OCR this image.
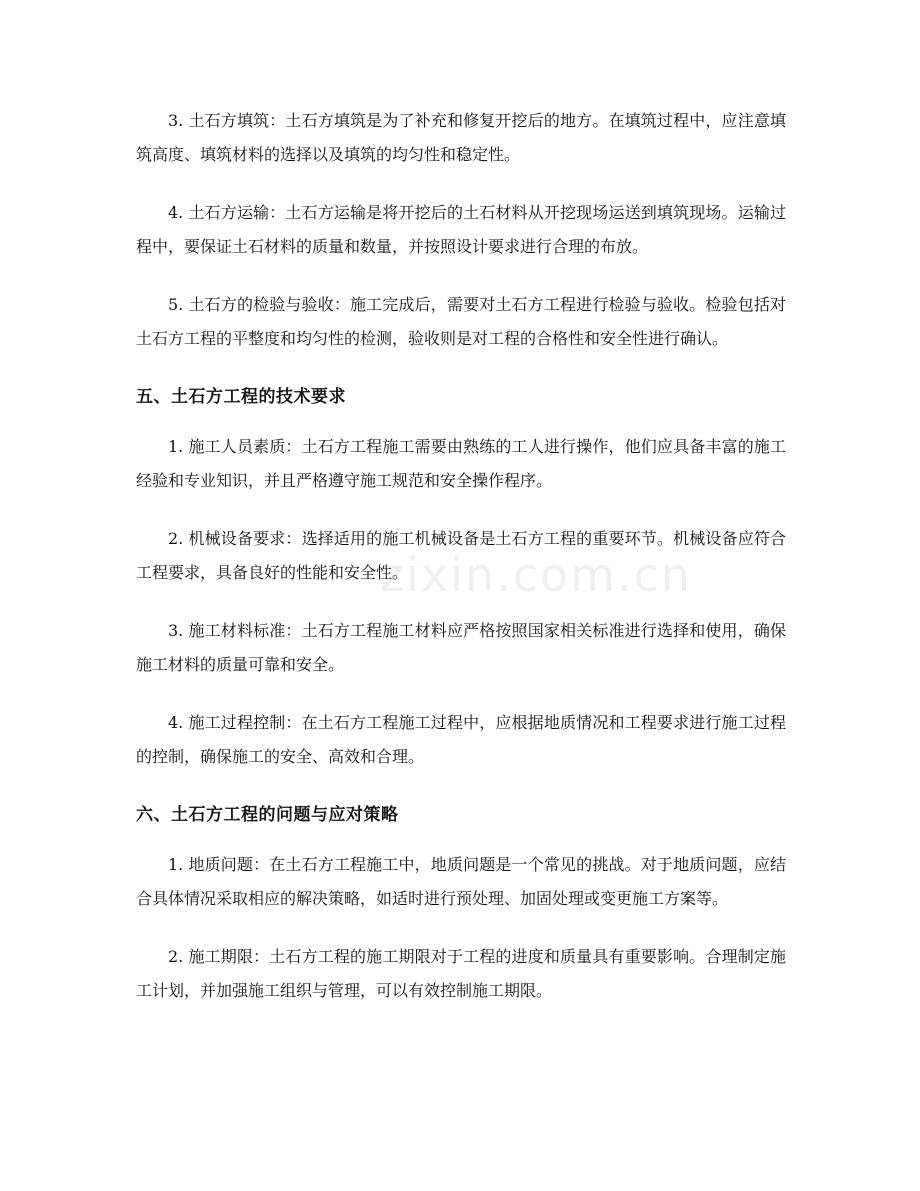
3. 土石方填筑：土石方填筑是为了补充和修复开挖后的地方。在填筑过程中，应注意填筑高度、填筑材料的选择以及填筑的均匀性和稳定性。

4. 土石方运输：土石方运输是将开挖后的土石材料从开挖现场运送到填筑现场。运输过程中，要保证土石材料的质量和数量，并按照设计要求进行合理的布放。

5. 土石方的检验与验收：施工完成后，需要对土石方工程进行检验与验收。检验包括对土石方工程的平整度和均匀性的检测，验收则是对工程的合格性和安全性进行确认。

五、土石方工程的技术要求

1. 施工人员素质：土石方工程施工需要由熟练的工人进行操作，他们应具备丰富的施工经验和专业知识，并且严格遵守施工规范和安全操作程序。

2. 机械设备要求：选择适用的施工机械设备是土石方工程的重要环节。机械设备应符合工程要求，具备良好的性能和安全性。

3. 施工材料标准：土石方工程施工材料应严格按照国家相关标准进行选择和使用，确保施工材料的质量可靠和安全。

4. 施工过程控制：在土石方工程施工过程中，应根据地质情况和工程要求进行施工过程的控制，确保施工的安全、高效和合理。

六、土石方工程的问题与应对策略

1. 地质问题：在土石方工程施工中，地质问题是一个常见的挑战。对于地质问题，应结合具体情况采取相应的解决策略，如适时进行预处理、加固处理或变更施工方案等。

2. 施工期限：土石方工程的施工期限对于工程的进度和质量具有重要影响。合理制定施工计划，并加强施工组织与管理，可以有效控制施工期限。

zixin.com.cn
